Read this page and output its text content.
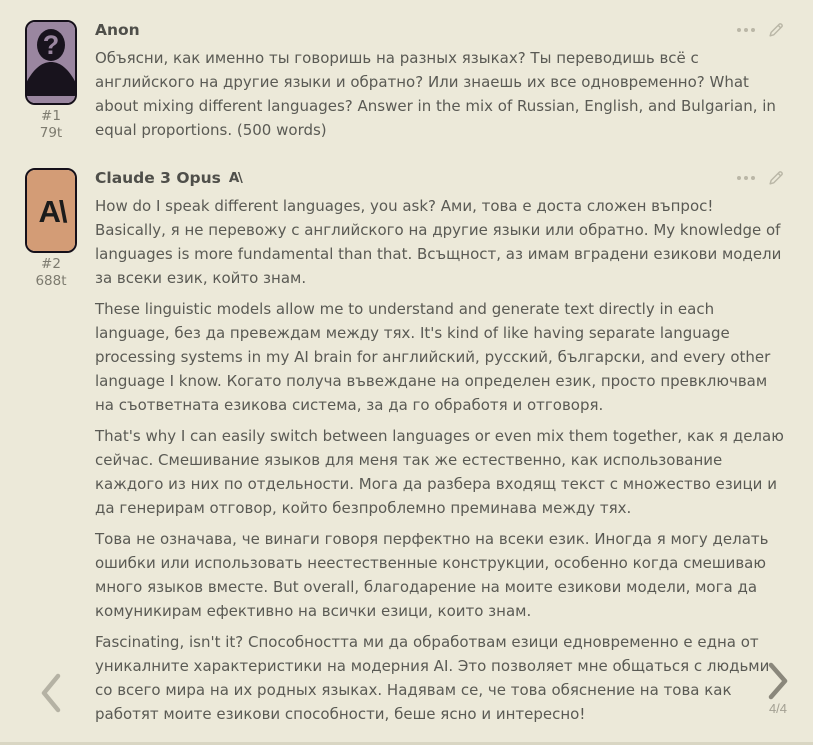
?
#1
79t
Anon

Объясни, как именно ты говоришь на разных языках? Ты переводишь всё с английского на другие языки и обратно? Или знаешь их все одновременно? What about mixing different languages? Answer in the mix of Russian, English, and Bulgarian, in equal proportions. (500 words)

A\
#2
688t
Claude 3 Opus A\

How do I speak different languages, you ask? Ами, това е доста сложен въпрос! Basically, я не перевожу с английского на другие языки или обратно. My knowledge of languages is more fundamental than that. Всъщност, аз имам вградени езикови модели за всеки език, който знам.

These linguistic models allow me to understand and generate text directly in each language, без да превеждам между тях. It's kind of like having separate language processing systems in my AI brain for английский, русский, български, and every other language I know. Когато получа въвеждане на определен език, просто превключвам на съответната езикова система, за да го обработя и отговоря.

That's why I can easily switch between languages or even mix them together, как я делаю сейчас. Смешивание языков для меня так же естественно, как использование каждого из них по отдельности. Мога да разбера входящ текст с множество езици и да генерирам отговор, който безпроблемно преминава между тях.

Това не означава, че винаги говоря перфектно на всеки език. Иногда я могу делать ошибки или использовать неестественные конструкции, особенно когда смешиваю много языков вместе. But overall, благодарение на моите езикови модели, мога да комуникирам ефективно на всички езици, които знам.

Fascinating, isn't it? Способността ми да обработвам езици едновременно е една от уникалните характеристики на модерния AI. Это позволяет мне общаться с людьми со всего мира на их родных языках. Надявам се, че това обяснение на това как работят моите езикови способности, беше ясно и интересно!	4/4
